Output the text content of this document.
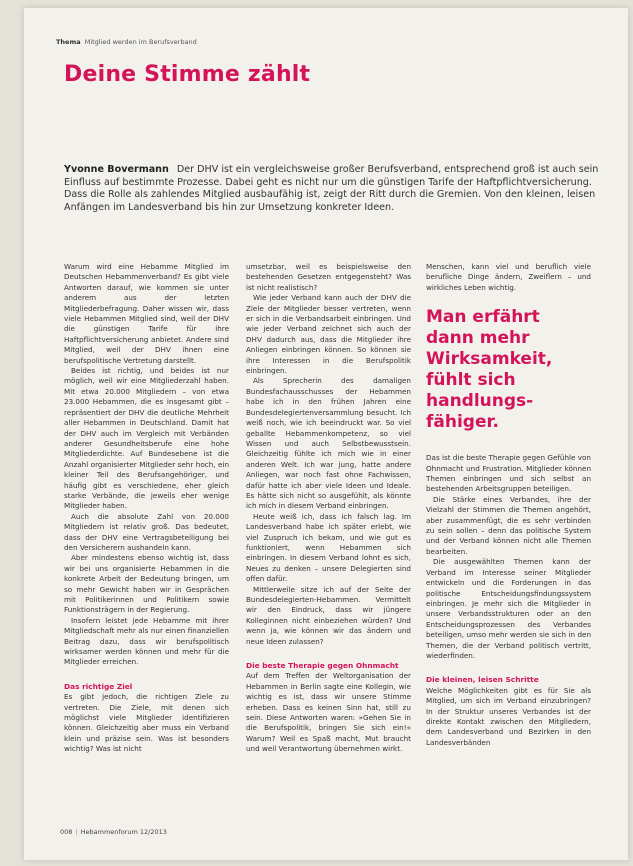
Thema Mitglied werden im Berufsverband
Deine Stimme zählt
Yvonne Bovermann Der DHV ist ein vergleichsweise großer Berufsverband, entsprechend groß ist auch sein Einfluss auf bestimmte Prozesse. Dabei geht es nicht nur um die günstigen Tarife der Haftpflichtversicherung. Dass die Rolle als zahlendes Mitglied ausbaufähig ist, zeigt der Ritt durch die Gremien. Von den kleinen, leisen Anfängen im Landesverband bis hin zur Umsetzung konkreter Ideen.

Warum wird eine Hebamme Mitglied im Deutschen Hebammenverband? Es gibt viele Antworten darauf, wie kommen sie unter anderem aus der letzten Mitgliederbefragung. Daher wissen wir, dass viele Hebammen Mitglied sind, weil der DHV die günstigen Tarife für ihre Haftpflichtversicherung anbietet. Andere sind Mitglied, weil der DHV ihnen eine berufspolitische Vertretung darstellt.

Beides ist richtig, und beides ist nur möglich, weil wir eine Mitgliederzahl haben. Mit etwa 20.000 Mitgliedern – von etwa 23.000 Hebammen, die es insgesamt gibt – repräsentiert der DHV die deutliche Mehrheit aller Hebammen in Deutschland. Damit hat der DHV auch im Vergleich mit Verbänden anderer Gesundheitsberufe eine hohe Mitgliederdichte. Auf Bundesebene ist die Anzahl organisierter Mitglieder sehr hoch, ein kleiner Teil des Berufsangehöriger, und häufig gibt es verschiedene, eher gleich starke Verbände, die jeweils eher wenige Mitglieder haben.

Auch die absolute Zahl von 20.000 Mitgliedern ist relativ groß. Das bedeutet, dass der DHV eine Vertragsbeteiligung bei den Versicherern aushandeln kann.

Aber mindestens ebenso wichtig ist, dass wir bei uns organisierte Hebammen in die konkrete Arbeit der Bedeutung bringen, um so mehr Gewicht haben wir in Gesprächen mit Politikerinnen und Politikern sowie Funktionsträgern in der Regierung.

Insofern leistet jede Hebamme mit ihrer Mitgliedschaft mehr als nur einen finanziellen Beitrag dazu, dass wir berufspolitisch wirksamer werden können und mehr für die Mitglieder erreichen.

Das richtige Ziel

Es gibt jedoch, die richtigen Ziele zu vertreten. Die Ziele, mit denen sich möglichst viele Mitglieder identifizieren können. Gleichzeitig aber muss ein Verband klein und präzise sein. Was ist besonders wichtig? Was ist nicht

umsetzbar, weil es beispielsweise den bestehenden Gesetzen entgegensteht? Was ist nicht realistisch?

Wie jeder Verband kann auch der DHV die Ziele der Mitglieder besser vertreten, wenn er sich in die Verbandsarbeit einbringen. Und wie jeder Verband zeichnet sich auch der DHV dadurch aus, dass die Mitglieder ihre Anliegen einbringen können. So können sie ihre Interessen in die Berufspolitik einbringen.

Als Sprecherin des damaligen Bundesfachausschusses der Hebammen habe ich in den frühen Jahren eine Bundesdelegiertenversammlung besucht. Ich weiß noch, wie ich beeindruckt war. So viel geballte Hebammenkompetenz, so viel Wissen und auch Selbstbewusstsein. Gleichzeitig fühlte ich mich wie in einer anderen Welt. Ich war jung, hatte andere Anliegen, war noch fast ohne Fachwissen, dafür hatte ich aber viele Ideen und Ideale. Es hätte sich nicht so ausgefühlt, als könnte ich mich in diesem Verband einbringen.

Heute weiß ich, dass ich falsch lag. Im Landesverband habe ich später erlebt, wie viel Zuspruch ich bekam, und wie gut es funktioniert, wenn Hebammen sich einbringen. In diesem Verband lohnt es sich, Neues zu denken – unsere Delegierten sind offen dafür.

Mittlerweile sitze ich auf der Seite der Bundesdelegierten-Hebammen. Vermittelt wir den Eindruck, dass wir jüngere Kolleginnen nicht einbeziehen würden? Und wenn ja, wie können wir das ändern und neue Ideen zulassen?

Die beste Therapie gegen Ohnmacht

Auf dem Treffen der Weltorganisation der Hebammen in Berlin sagte eine Kollegin, wie wichtig es ist, dass wir unsere Stimme erheben. Dass es keinen Sinn hat, still zu sein. Diese Antworten waren: »Gehen Sie in die Berufspolitik, bringen Sie sich ein!« Warum? Weil es Spaß macht, Mut braucht und weil Verantwortung übernehmen wirkt.

Menschen, kann viel und beruflich viele berufliche Dinge ändern, Zweiflern – und wirkliches Leben wichtig.

Man erfährt dann mehr Wirksamkeit, fühlt sich handlungsfähiger.

Das ist die beste Therapie gegen Gefühle von Ohnmacht und Frustration. Mitglieder können Themen einbringen und sich selbst an bestehenden Arbeitsgruppen beteiligen.

Die Stärke eines Verbandes, ihre der Vielzahl der Stimmen die Themen angehört, aber zusammenfügt, die es sehr verbinden zu sein sollen – denn das politische System und der Verband können nicht alle Themen bearbeiten.

Die ausgewählten Themen kann der Verband im Interesse seiner Mitglieder entwickeln und die Forderungen in das politische Entscheidungsfindungssystem einbringen. Je mehr sich die Mitglieder in unsere Verbandsstrukturen oder an den Entscheidungsprozessen des Verbandes beteiligen, umso mehr werden sie sich in den Themen, die der Verband politisch vertritt, wiederfinden.

Die kleinen, leisen Schritte

Welche Möglichkeiten gibt es für Sie als Mitglied, um sich im Verband einzubringen? In der Struktur unseres Verbandes ist der direkte Kontakt zwischen den Mitgliedern, dem Landesverband und Bezirken in den Landesverbänden

008 | Hebammenforum 12/2013
